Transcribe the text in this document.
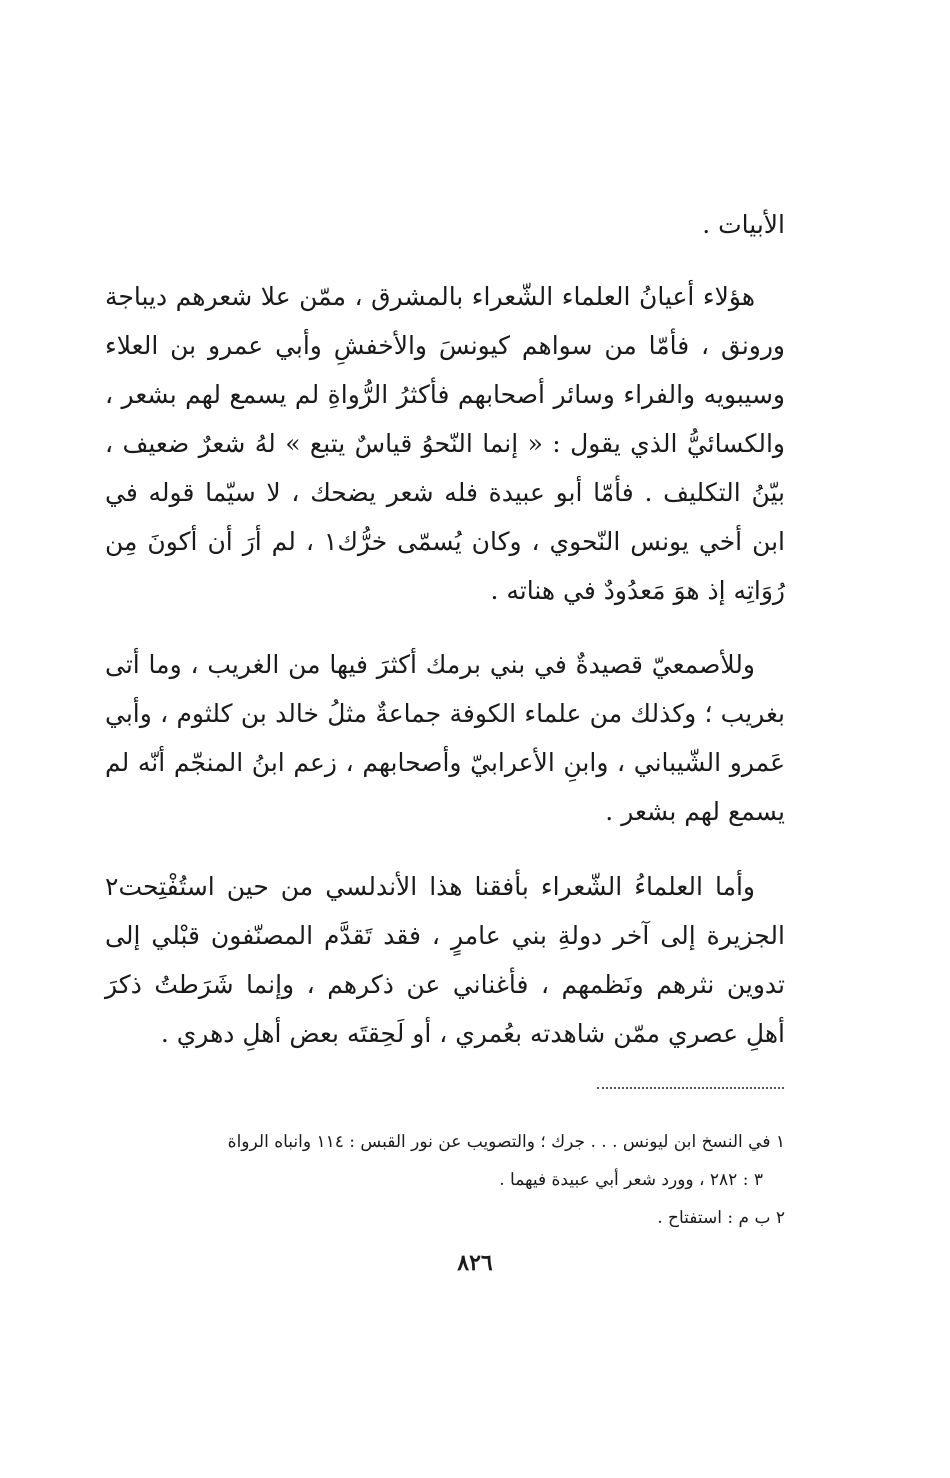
الأبيات .

هؤلاء أعيانُ العلماء الشّعراء بالمشرق ، ممّن علا شعرهم ديباجة ورونق ، فأمّا من سواهم كيونسَ والأخفشِ وأبي عمرو بن العلاء وسيبويه والفراء وسائر أصحابهم فأكثرُ الرُّواةِ لم يسمع لهم بشعر ، والكسائيُّ الذي يقول : « إنما النّحوُ قياسٌ يتبع » لهُ شعرٌ ضعيف ، بيّنُ التكليف . فأمّا أبو عبيدة فله شعر يضحك ، لا سيّما قوله في ابن أخي يونس النّحوي ، وكان يُسمّى خرُّك١ ، لم أرَ أن أكونَ مِن رُوَاتِه إذ هوَ مَعدُودٌ في هناته .

وللأصمعيّ قصيدةٌ في بني برمك أكثرَ فيها من الغريب ، وما أتى بغريب ؛ وكذلك من علماء الكوفة جماعةٌ مثلُ خالد بن كلثوم ، وأبي عَمرو الشّيباني ، وابنِ الأعرابيّ وأصحابهم ، زعم ابنُ المنجّم أنّه لم يسمع لهم بشعر .

وأما العلماءُ الشّعراء بأفقنا هذا الأندلسي من حين استُفْتِحت٢ الجزيرة إلى آخر دولةِ بني عامرٍ ، فقد تَقدَّم المصنّفون قبْلي إلى تدوين نثرهم ونَظمهم ، فأغناني عن ذكرهم ، وإنما شَرَطتُ ذكرَ أهلِ عصري ممّن شاهدته بعُمري ، أو لَحِقتَه بعض أهلِ دهري .

١ في النسخ ابن ليونس . . . جرك ؛ والتصويب عن نور القبس : ١١٤ وانباه الرواة

٣ : ٢٨٢ ، وورد شعر أبي عبيدة فيهما .

٢ ب م : استفتاح .

٨٢٦
